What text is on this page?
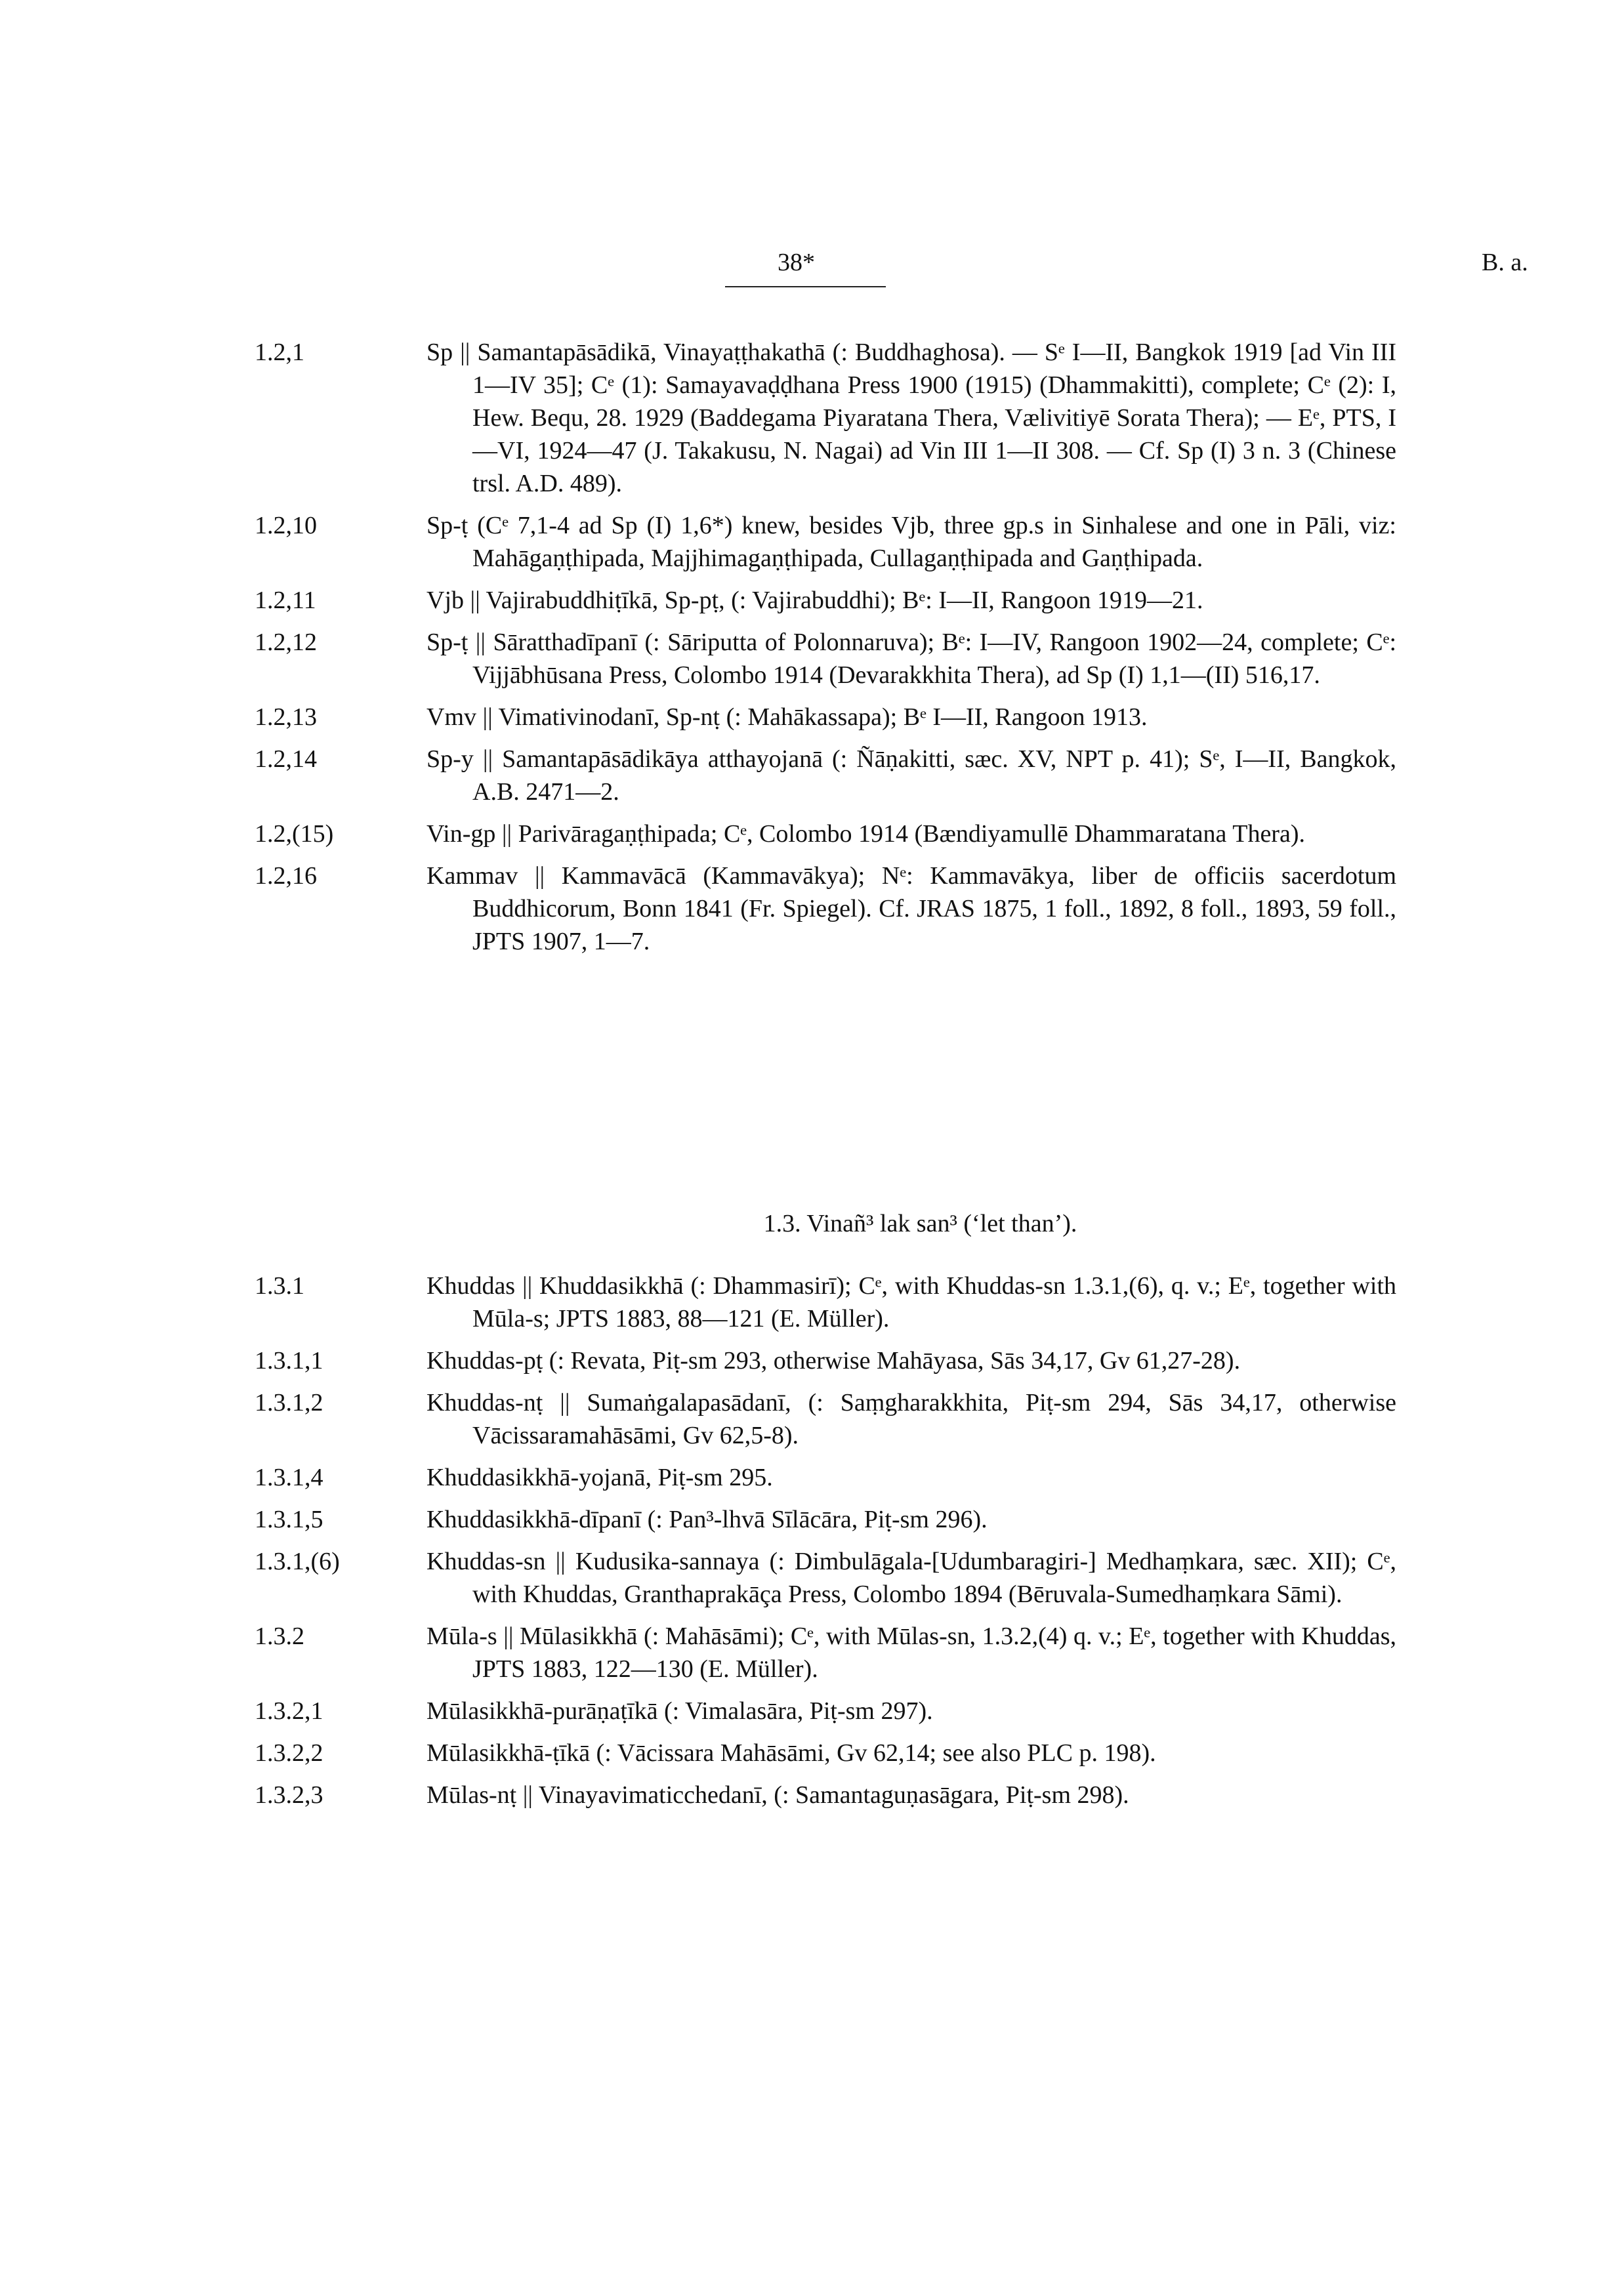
38*	B. a.
1.2,1	Sp || Samantapāsādikā, Vinayaṭṭhakathā (: Buddhaghosa). — Sᵉ I—II, Bangkok 1919 [ad Vin III 1—IV 35]; Cᵉ (1): Samayavaḍḍhana Press 1900 (1915) (Dhammakitti), complete; Cᵉ (2): I, Hew. Bequ, 28. 1929 (Baddegama Piyaratana Thera, Vælivitiyē Sorata Thera); — Eᵉ, PTS, I—VI, 1924—47 (J. Takakusu, N. Nagai) ad Vin III 1—II 308. — Cf. Sp (I) 3 n. 3 (Chinese trsl. A.D. 489).
1.2,10	Sp-ṭ (Cᵉ 7,1-4 ad Sp (I) 1,6*) knew, besides Vjb, three gp.s in Sinhalese and one in Pāli, viz: Mahāgaṇṭhipada, Majjhimagaṇṭhipada, Cullagaṇṭhipada and Gaṇṭhipada.
1.2,11	Vjb || Vajirabuddhiṭīkā, Sp-pṭ, (: Vajirabuddhi); Bᵉ: I—II, Rangoon 1919—21.
1.2,12	Sp-ṭ || Sāratthadīpanī (: Sāriputta of Polonnaruva); Bᵉ: I—IV, Rangoon 1902—24, complete; Cᵉ: Vijjābhūsana Press, Colombo 1914 (Devarakkhita Thera), ad Sp (I) 1,1—(II) 516,17.
1.2,13	Vmv || Vimativinodanī, Sp-nṭ (: Mahākassapa); Bᵉ I—II, Rangoon 1913.
1.2,14	Sp-y || Samantapāsādikāya atthayojanā (: Ñāṇakitti, sæc. XV, NPT p. 41); Sᵉ, I—II, Bangkok, A.B. 2471—2.
1.2,(15)	Vin-gp || Parivāragaṇṭhipada; Cᵉ, Colombo 1914 (Bændiyamullē Dhammaratana Thera).
1.2,16	Kammav || Kammavācā (Kammavākya); Nᵉ: Kammavākya, liber de officiis sacerdotum Buddhicorum, Bonn 1841 (Fr. Spiegel). Cf. JRAS 1875, 1 foll., 1892, 8 foll., 1893, 59 foll., JPTS 1907, 1—7.
1.3. Vinañ³ lak san³ (‘let than’).
1.3.1	Khuddas || Khuddasikkhā (: Dhammasirī); Cᵉ, with Khuddas-sn 1.3.1,(6), q. v.; Eᵉ, together with Mūla-s; JPTS 1883, 88—121 (E. Müller).
1.3.1,1	Khuddas-pṭ (: Revata, Piṭ-sm 293, otherwise Mahāyasa, Sās 34,17, Gv 61,27-28).
1.3.1,2	Khuddas-nṭ || Sumaṅgalapasādanī, (: Saṃgharakkhita, Piṭ-sm 294, Sās 34,17, otherwise Vācissaramahāsāmi, Gv 62,5-8).
1.3.1,4	Khuddasikkhā-yojanā, Piṭ-sm 295.
1.3.1,5	Khuddasikkhā-dīpanī (: Pan³-lhvā Sīlācāra, Piṭ-sm 296).
1.3.1,(6)	Khuddas-sn || Kudusika-sannaya (: Dimbulāgala-[Udumbaragiri-] Medhaṃkara, sæc. XII); Cᵉ, with Khuddas, Granthaprakāça Press, Colombo 1894 (Bēruvala-Sumedhaṃkara Sāmi).
1.3.2	Mūla-s || Mūlasikkhā (: Mahāsāmi); Cᵉ, with Mūlas-sn, 1.3.2,(4) q. v.; Eᵉ, together with Khuddas, JPTS 1883, 122—130 (E. Müller).
1.3.2,1	Mūlasikkhā-purāṇaṭīkā (: Vimalasāra, Piṭ-sm 297).
1.3.2,2	Mūlasikkhā-ṭīkā (: Vācissara Mahāsāmi, Gv 62,14; see also PLC p. 198).
1.3.2,3	Mūlas-nṭ || Vinayavimaticchedanī, (: Samantaguṇasāgara, Piṭ-sm 298).
